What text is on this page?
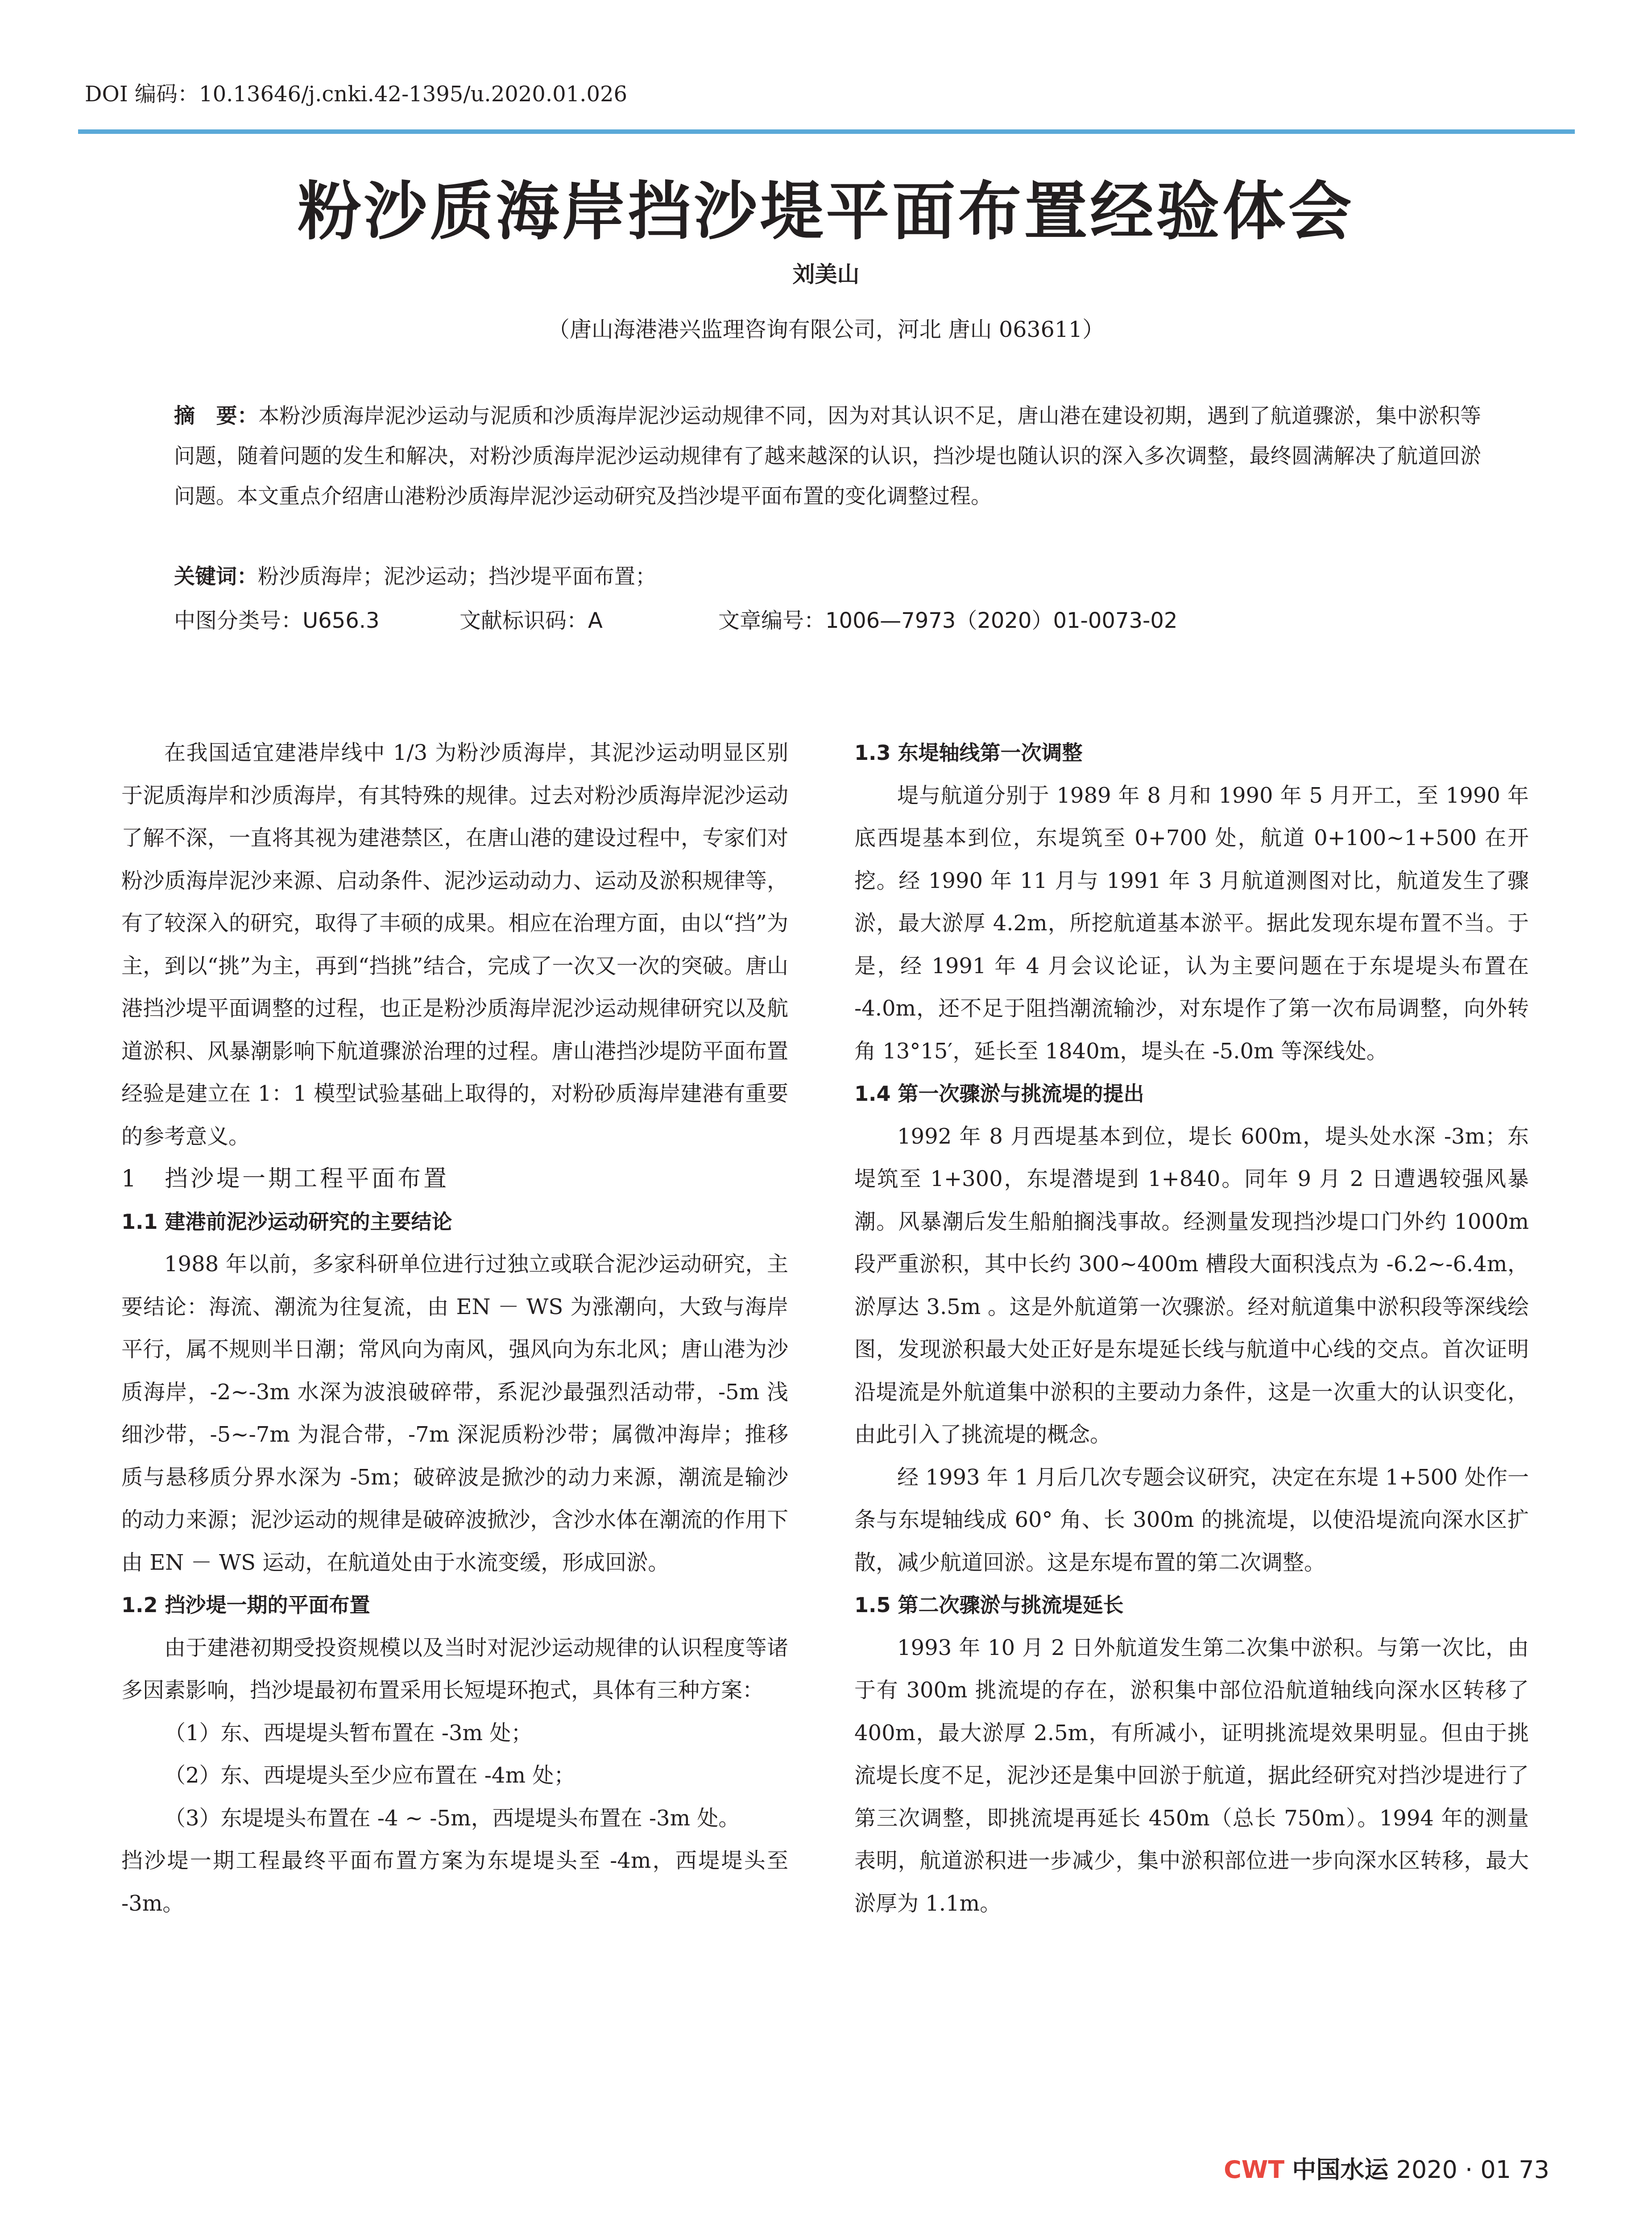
DOI 编码：10.13646/j.cnki.42-1395/u.2020.01.026
粉沙质海岸挡沙堤平面布置经验体会
刘美山
（唐山海港港兴监理咨询有限公司，河北 唐山 063611）
摘　要：本粉沙质海岸泥沙运动与泥质和沙质海岸泥沙运动规律不同，因为对其认识不足，唐山港在建设初期，遇到了航道骤淤，集中淤积等问题，随着问题的发生和解决，对粉沙质海岸泥沙运动规律有了越来越深的认识，挡沙堤也随认识的深入多次调整，最终圆满解决了航道回淤问题。本文重点介绍唐山港粉沙质海岸泥沙运动研究及挡沙堤平面布置的变化调整过程。
关键词：粉沙质海岸；泥沙运动；挡沙堤平面布置；
中图分类号：U656.3	文献标识码：A	文章编号：1006—7973（2020）01-0073-02

在我国适宜建港岸线中 1/3 为粉沙质海岸，其泥沙运动明显区别于泥质海岸和沙质海岸，有其特殊的规律。过去对粉沙质海岸泥沙运动了解不深，一直将其视为建港禁区，在唐山港的建设过程中，专家们对粉沙质海岸泥沙来源、启动条件、泥沙运动动力、运动及淤积规律等，有了较深入的研究，取得了丰硕的成果。相应在治理方面，由以“挡”为主，到以“挑”为主，再到“挡挑”结合，完成了一次又一次的突破。唐山港挡沙堤平面调整的过程，也正是粉沙质海岸泥沙运动规律研究以及航道淤积、风暴潮影响下航道骤淤治理的过程。唐山港挡沙堤防平面布置经验是建立在 1：1 模型试验基础上取得的，对粉砂质海岸建港有重要的参考意义。

1　挡沙堤一期工程平面布置

1.1 建港前泥沙运动研究的主要结论

1988 年以前，多家科研单位进行过独立或联合泥沙运动研究，主要结论：海流、潮流为往复流，由 EN － WS 为涨潮向，大致与海岸平行，属不规则半日潮；常风向为南风，强风向为东北风；唐山港为沙质海岸，-2~-3m 水深为波浪破碎带，系泥沙最强烈活动带，-5m 浅细沙带，-5~-7m 为混合带，-7m 深泥质粉沙带；属微冲海岸；推移质与悬移质分界水深为 -5m；破碎波是掀沙的动力来源，潮流是输沙的动力来源；泥沙运动的规律是破碎波掀沙，含沙水体在潮流的作用下由 EN － WS 运动，在航道处由于水流变缓，形成回淤。

1.2 挡沙堤一期的平面布置

由于建港初期受投资规模以及当时对泥沙运动规律的认识程度等诸多因素影响，挡沙堤最初布置采用长短堤环抱式，具体有三种方案：

（1）东、西堤堤头暂布置在 -3m 处；

（2）东、西堤堤头至少应布置在 -4m 处；

（3）东堤堤头布置在 -4 ~ -5m，西堤堤头布置在 -3m 处。

挡沙堤一期工程最终平面布置方案为东堤堤头至 -4m，西堤堤头至 -3m。

1.3 东堤轴线第一次调整

堤与航道分别于 1989 年 8 月和 1990 年 5 月开工，至 1990 年底西堤基本到位，东堤筑至 0+700 处，航道 0+100~1+500 在开挖。经 1990 年 11 月与 1991 年 3 月航道测图对比，航道发生了骤淤，最大淤厚 4.2m，所挖航道基本淤平。据此发现东堤布置不当。于是，经 1991 年 4 月会议论证，认为主要问题在于东堤堤头布置在 -4.0m，还不足于阻挡潮流输沙，对东堤作了第一次布局调整，向外转角 13°15′，延长至 1840m，堤头在 -5.0m 等深线处。

1.4 第一次骤淤与挑流堤的提出

1992 年 8 月西堤基本到位，堤长 600m，堤头处水深 -3m；东堤筑至 1+300，东堤潜堤到 1+840。同年 9 月 2 日遭遇较强风暴潮。风暴潮后发生船舶搁浅事故。经测量发现挡沙堤口门外约 1000m 段严重淤积，其中长约 300~400m 槽段大面积浅点为 -6.2~-6.4m，淤厚达 3.5m 。这是外航道第一次骤淤。经对航道集中淤积段等深线绘图，发现淤积最大处正好是东堤延长线与航道中心线的交点。首次证明沿堤流是外航道集中淤积的主要动力条件，这是一次重大的认识变化，由此引入了挑流堤的概念。

经 1993 年 1 月后几次专题会议研究，决定在东堤 1+500 处作一条与东堤轴线成 60° 角、长 300m 的挑流堤，以使沿堤流向深水区扩散，减少航道回淤。这是东堤布置的第二次调整。

1.5 第二次骤淤与挑流堤延长

1993 年 10 月 2 日外航道发生第二次集中淤积。与第一次比，由于有 300m 挑流堤的存在，淤积集中部位沿航道轴线向深水区转移了 400m，最大淤厚 2.5m，有所减小，证明挑流堤效果明显。但由于挑流堤长度不足，泥沙还是集中回淤于航道，据此经研究对挡沙堤进行了第三次调整，即挑流堤再延长 450m（总长 750m）。1994 年的测量表明，航道淤积进一步减少，集中淤积部位进一步向深水区转移，最大淤厚为 1.1m。

CWT 中国水运 2020 · 01 73
